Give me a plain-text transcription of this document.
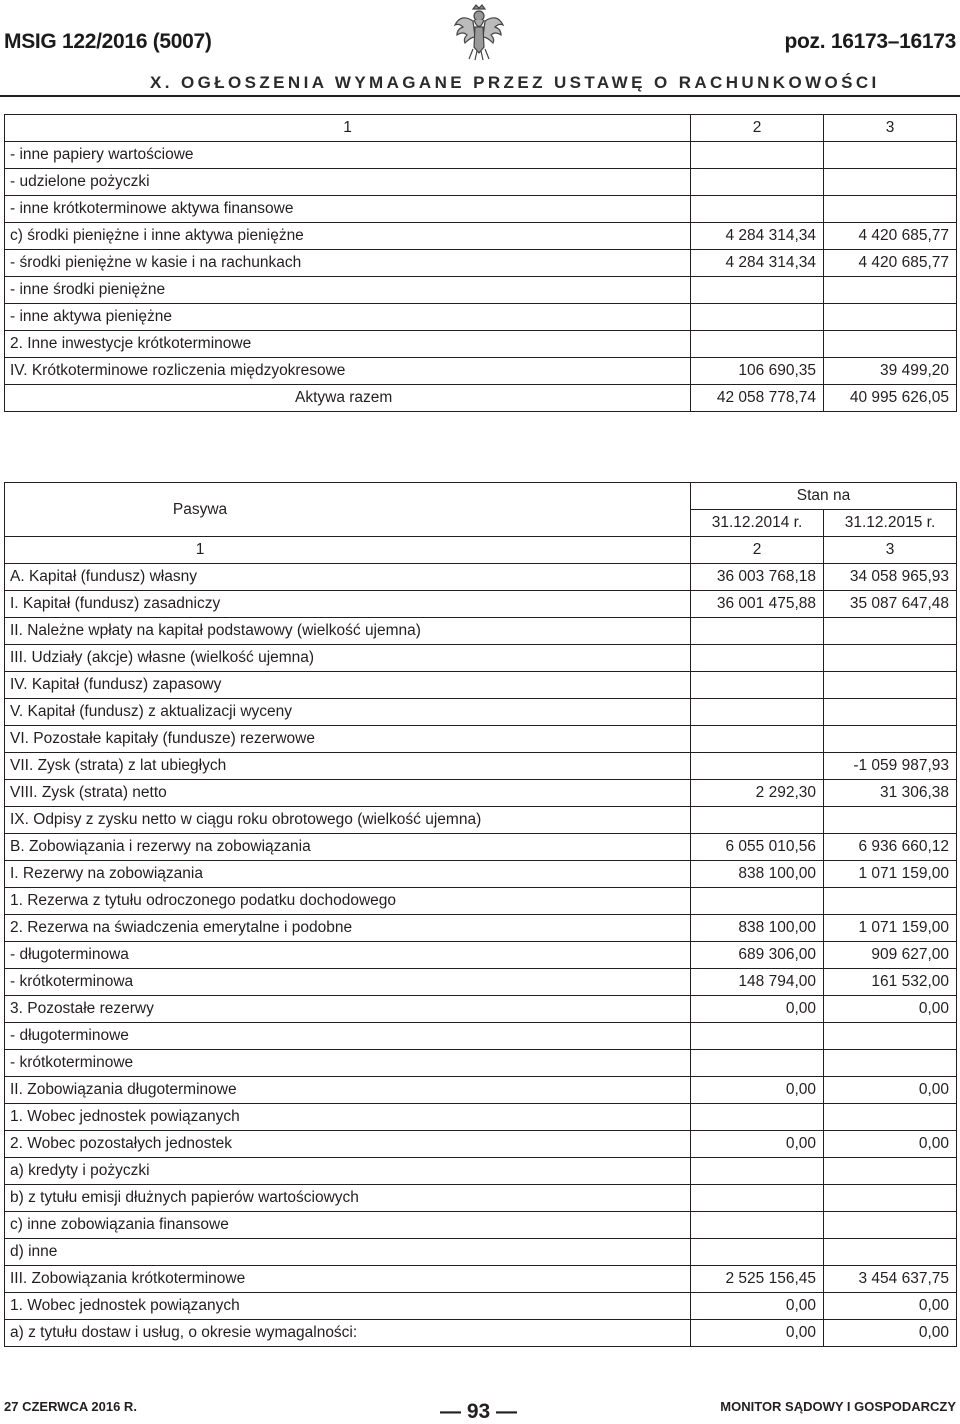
MSIG 122/2016 (5007)	poz. 16173–16173
X. OGŁOSZENIA WYMAGANE PRZEZ USTAWĘ O RACHUNKOWOŚCI
1	2	3
- inne papiery wartościowe		
- udzielone pożyczki		
- inne krótkoterminowe aktywa finansowe		
c) środki pieniężne i inne aktywa pieniężne	4 284 314,34	4 420 685,77
- środki pieniężne w kasie i na rachunkach	4 284 314,34	4 420 685,77
- inne środki pieniężne		
- inne aktywa pieniężne		
2. Inne inwestycje krótkoterminowe		
IV. Krótkoterminowe rozliczenia międzyokresowe	106 690,35	39 499,20
Aktywa razem	42 058 778,74	40 995 626,05
Pasywa	Stan na	
	31.12.2014 r.	31.12.2015 r.
1	2	3
A. Kapitał (fundusz) własny	36 003 768,18	34 058 965,93
I. Kapitał (fundusz) zasadniczy	36 001 475,88	35 087 647,48
II. Należne wpłaty na kapitał podstawowy (wielkość ujemna)		
III. Udziały (akcje) własne (wielkość ujemna)		
IV. Kapitał (fundusz) zapasowy		
V. Kapitał (fundusz) z aktualizacji wyceny		
VI. Pozostałe kapitały (fundusze) rezerwowe		
VII. Zysk (strata) z lat ubiegłych		-1 059 987,93
VIII. Zysk (strata) netto	2 292,30	31 306,38
IX. Odpisy z zysku netto w ciągu roku obrotowego (wielkość ujemna)		
B. Zobowiązania i rezerwy na zobowiązania	6 055 010,56	6 936 660,12
I. Rezerwy na zobowiązania	838 100,00	1 071 159,00
1. Rezerwa z tytułu odroczonego podatku dochodowego		
2. Rezerwa na świadczenia emerytalne i podobne	838 100,00	1 071 159,00
- długoterminowa	689 306,00	909 627,00
- krótkoterminowa	148 794,00	161 532,00
3. Pozostałe rezerwy	0,00	0,00
- długoterminowe		
- krótkoterminowe		
II. Zobowiązania długoterminowe	0,00	0,00
1. Wobec jednostek powiązanych		
2. Wobec pozostałych jednostek	0,00	0,00
a) kredyty i pożyczki		
b) z tytułu emisji dłużnych papierów wartościowych		
c) inne zobowiązania finansowe		
d) inne		
III. Zobowiązania krótkoterminowe	2 525 156,45	3 454 637,75
1. Wobec jednostek powiązanych	0,00	0,00
a) z tytułu dostaw i usług, o okresie wymagalności:	0,00	0,00
27 CZERWCA 2016 R.	— 93 —	MONITOR SĄDOWY I GOSPODARCZY
